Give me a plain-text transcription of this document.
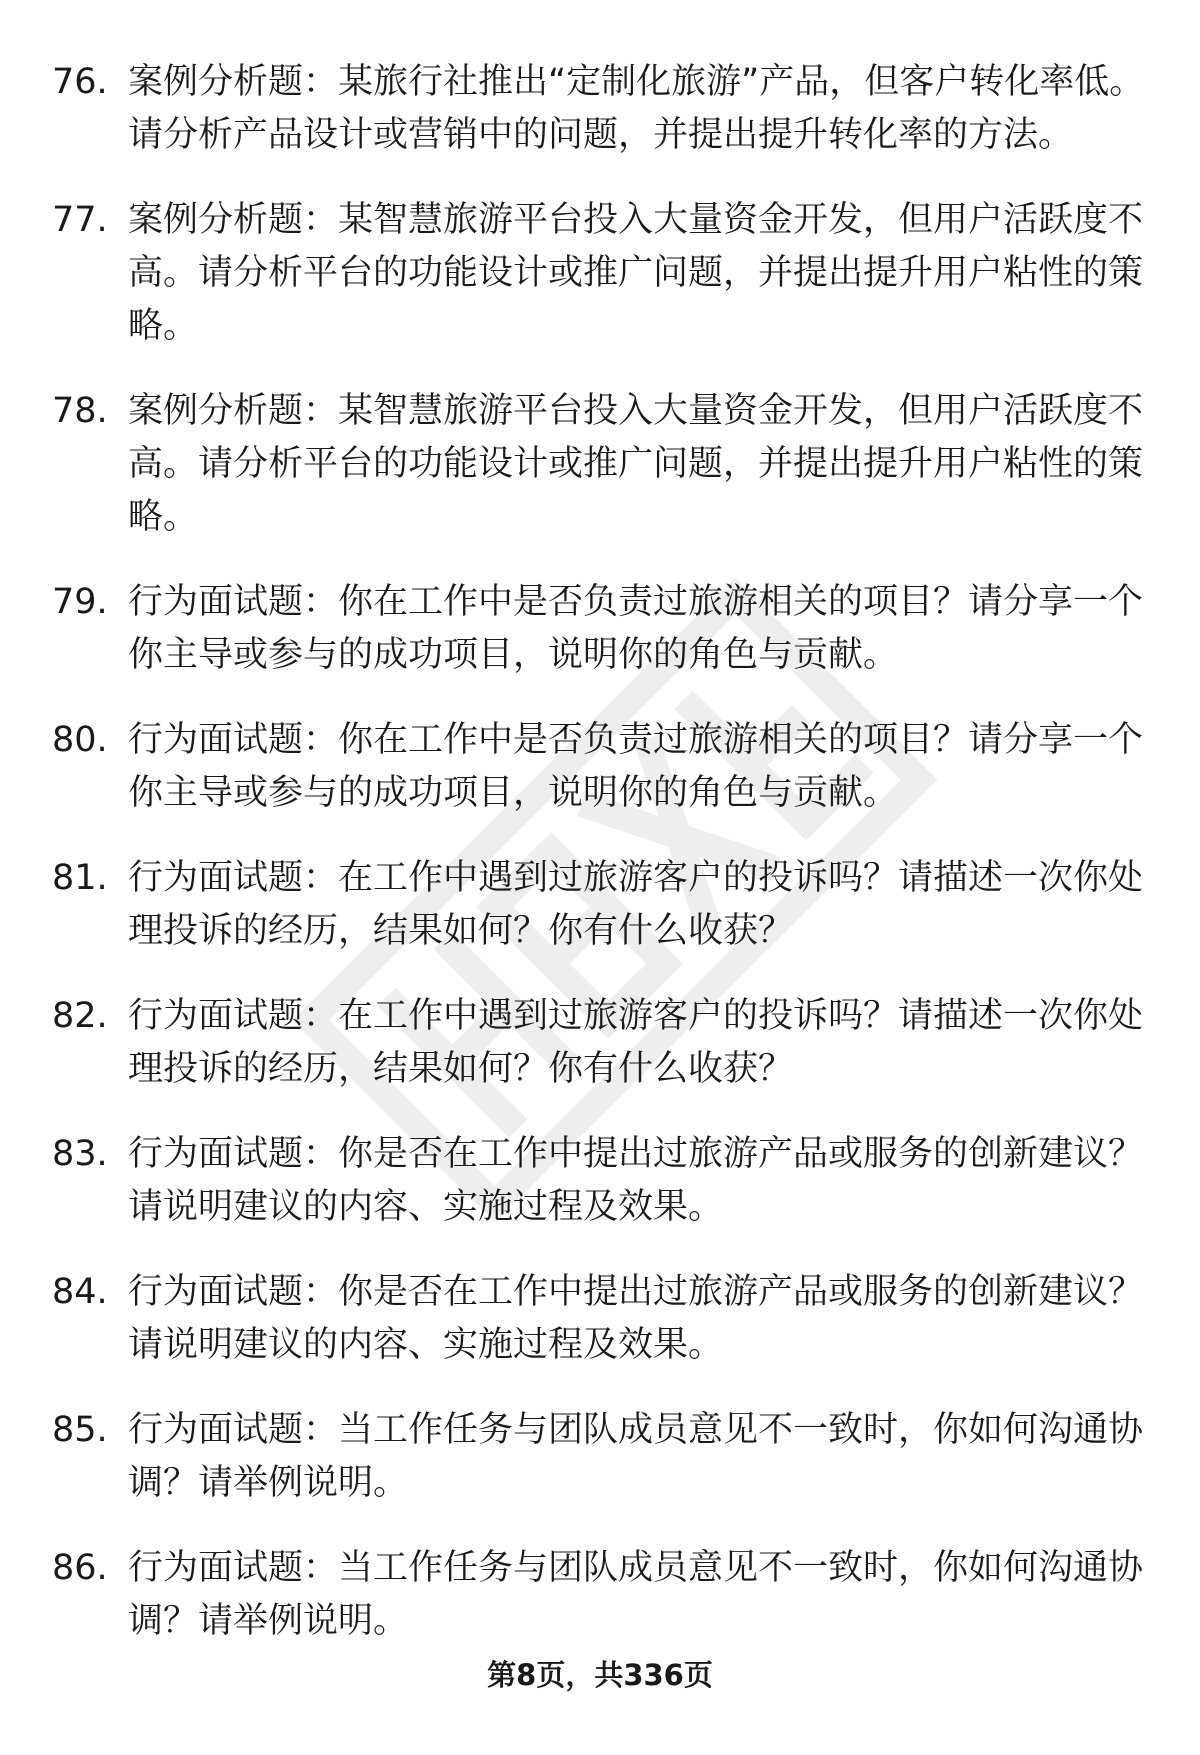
76. 案例分析题：某旅行社推出“定制化旅游”产品，但客户转化率低。请分析产品设计或营销中的问题，并提出提升转化率的方法。
77. 案例分析题：某智慧旅游平台投入大量资金开发，但用户活跃度不高。请分析平台的功能设计或推广问题，并提出提升用户粘性的策略。
78. 案例分析题：某智慧旅游平台投入大量资金开发，但用户活跃度不高。请分析平台的功能设计或推广问题，并提出提升用户粘性的策略。
79. 行为面试题：你在工作中是否负责过旅游相关的项目？请分享一个你主导或参与的成功项目，说明你的角色与贡献。
80. 行为面试题：你在工作中是否负责过旅游相关的项目？请分享一个你主导或参与的成功项目，说明你的角色与贡献。
81. 行为面试题：在工作中遇到过旅游客户的投诉吗？请描述一次你处理投诉的经历，结果如何？你有什么收获？
82. 行为面试题：在工作中遇到过旅游客户的投诉吗？请描述一次你处理投诉的经历，结果如何？你有什么收获？
83. 行为面试题：你是否在工作中提出过旅游产品或服务的创新建议？请说明建议的内容、实施过程及效果。
84. 行为面试题：你是否在工作中提出过旅游产品或服务的创新建议？请说明建议的内容、实施过程及效果。
85. 行为面试题：当工作任务与团队成员意见不一致时，你如何沟通协调？请举例说明。
86. 行为面试题：当工作任务与团队成员意见不一致时，你如何沟通协调？请举例说明。
第8页，共336页
